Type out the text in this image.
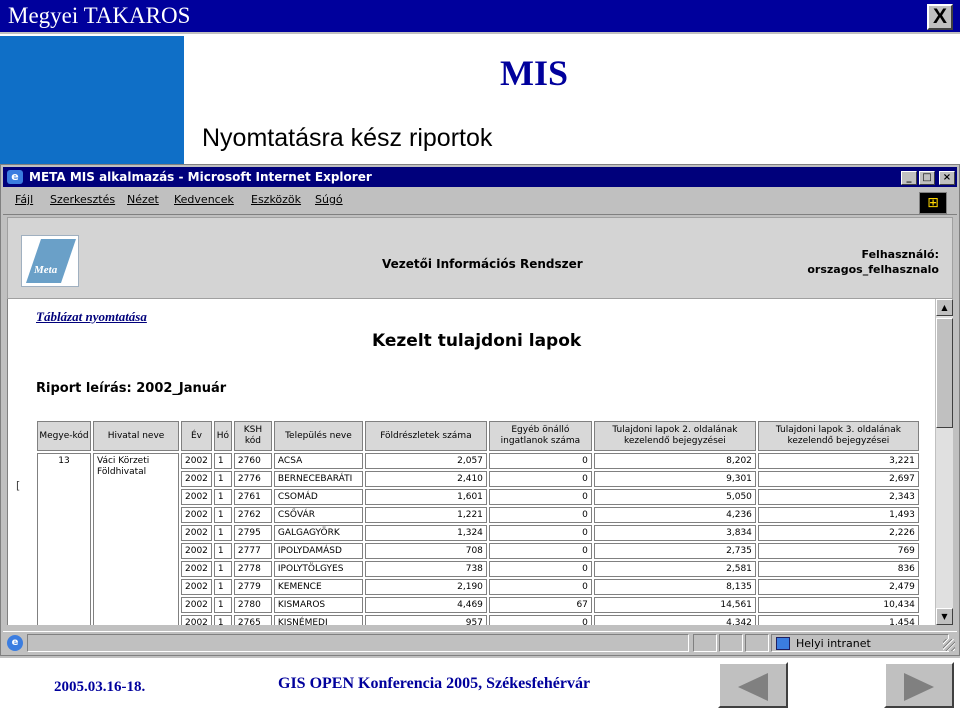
Megyei TAKAROS	X
MIS
Nyomtatásra kész riportok
e META MIS alkalmazás - Microsoft Internet Explorer	_	□	×
Fájl Szerkesztés Nézet Kedvencek Eszközök Súgó	⊞
Meta	Vezetői Információs Rendszer
Felhasználó:
orszagos_felhasznalo
Táblázat nyomtatása
Kezelt tulajdoni lapok
Riport leírás: 2002_Január
[
Megye-kód	Hivatal neve	Év	Hó	KSH kód	Település neve	Földrészletek száma	Egyéb önálló ingatlanok száma	Tulajdoni lapok 2. oldalának kezelendő bejegyzései	Tulajdoni lapok 3. oldalának kezelendő bejegyzései
13	Váci Körzeti Földhivatal	2002	1	2760	ACSA	2,057	0	8,202	3,221
		2002	1	2776	BERNECEBARÁTI	2,410	0	9,301	2,697
		2002	1	2761	CSOMÁD	1,601	0	5,050	2,343
		2002	1	2762	CSŐVÁR	1,221	0	4,236	1,493
		2002	1	2795	GALGAGYÖRK	1,324	0	3,834	2,226
		2002	1	2777	IPOLYDAMÁSD	708	0	2,735	769
		2002	1	2778	IPOLYTÖLGYES	738	0	2,581	836
		2002	1	2779	KEMENCE	2,190	0	8,135	2,479
		2002	1	2780	KISMAROS	4,469	67	14,561	10,434
		2002	1	2765	KISNÉMEDI	957	0	4,342	1,454
▲
▼
e	Helyi intranet
2005.03.16-18.	GIS OPEN Konferencia 2005, Székesfehérvár
